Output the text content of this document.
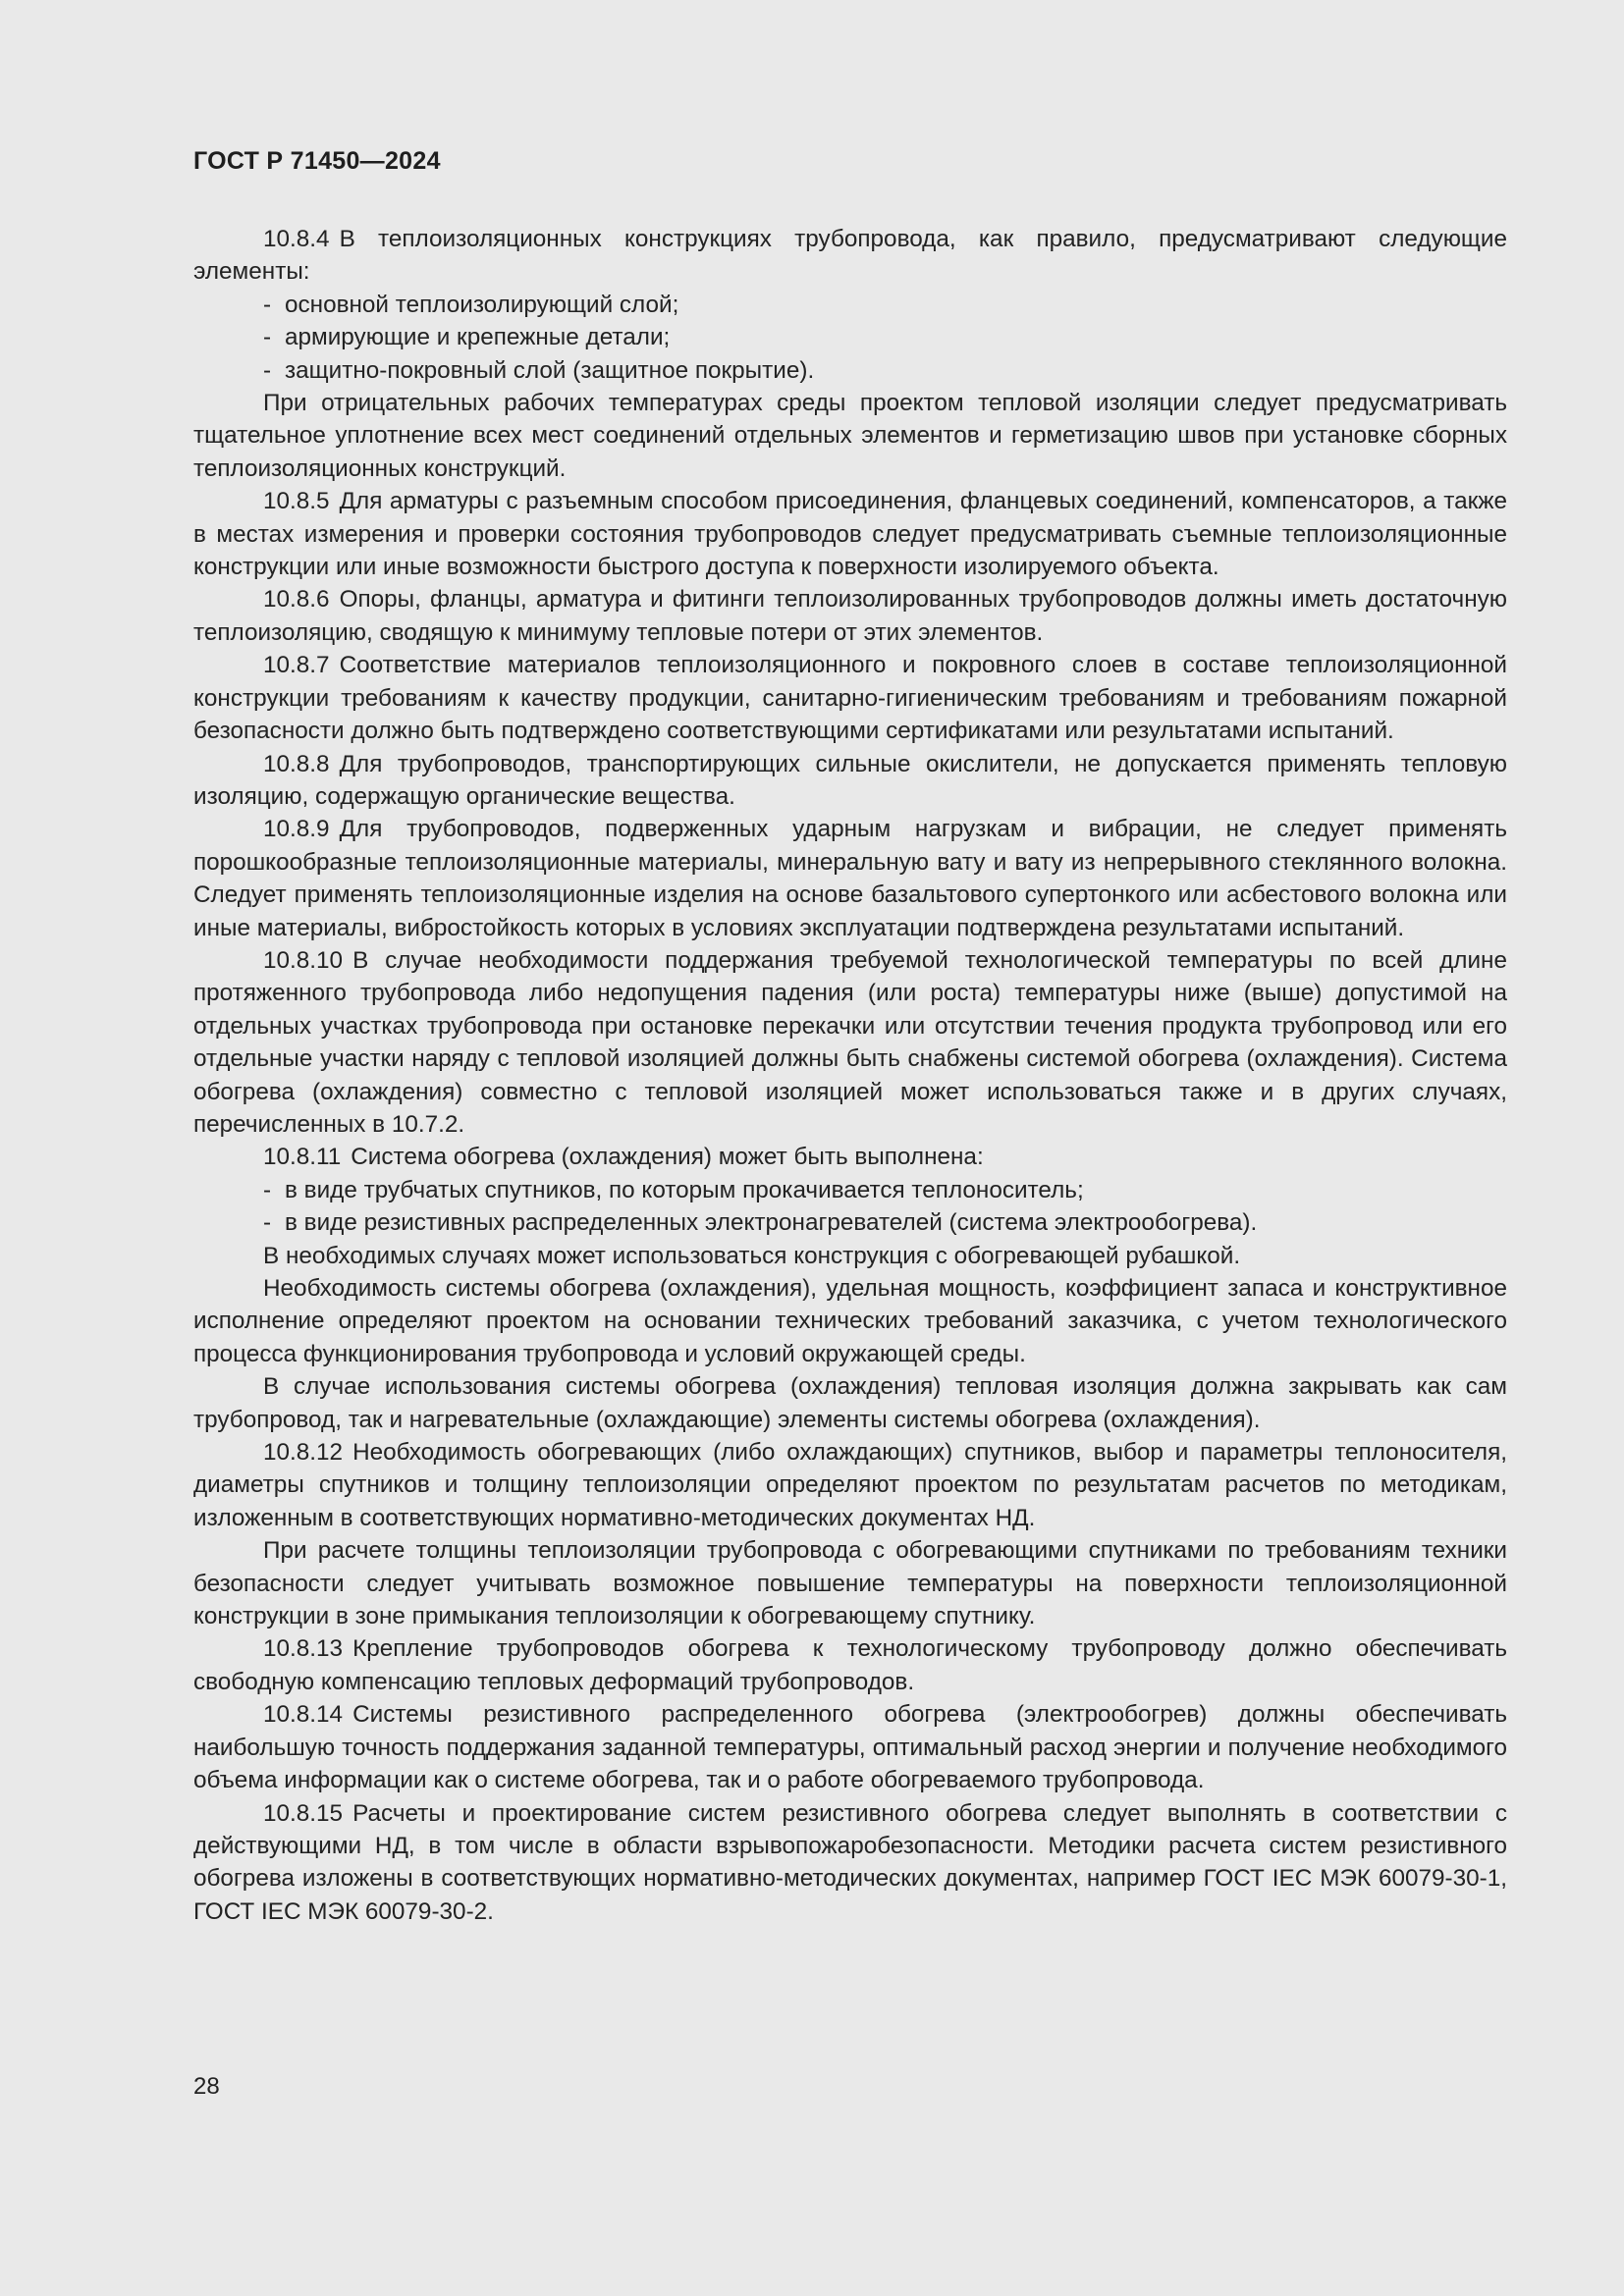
ГОСТ Р 71450—2024

10.8.4 В теплоизоляционных конструкциях трубопровода, как правило, предусматривают следующие элементы:

- основной теплоизолирующий слой;
- армирующие и крепежные детали;
- защитно-покровный слой (защитное покрытие).

При отрицательных рабочих температурах среды проектом тепловой изоляции следует предусматривать тщательное уплотнение всех мест соединений отдельных элементов и герметизацию швов при установке сборных теплоизоляционных конструкций.

10.8.5 Для арматуры с разъемным способом присоединения, фланцевых соединений, компенсаторов, а также в местах измерения и проверки состояния трубопроводов следует предусматривать съемные теплоизоляционные конструкции или иные возможности быстрого доступа к поверхности изолируемого объекта.

10.8.6 Опоры, фланцы, арматура и фитинги теплоизолированных трубопроводов должны иметь достаточную теплоизоляцию, сводящую к минимуму тепловые потери от этих элементов.

10.8.7 Соответствие материалов теплоизоляционного и покровного слоев в составе теплоизоляционной конструкции требованиям к качеству продукции, санитарно-гигиеническим требованиям и требованиям пожарной безопасности должно быть подтверждено соответствующими сертификатами или результатами испытаний.

10.8.8 Для трубопроводов, транспортирующих сильные окислители, не допускается применять тепловую изоляцию, содержащую органические вещества.

10.8.9 Для трубопроводов, подверженных ударным нагрузкам и вибрации, не следует применять порошкообразные теплоизоляционные материалы, минеральную вату и вату из непрерывного стеклянного волокна. Следует применять теплоизоляционные изделия на основе базальтового супертонкого или асбестового волокна или иные материалы, вибростойкость которых в условиях эксплуатации подтверждена результатами испытаний.

10.8.10 В случае необходимости поддержания требуемой технологической температуры по всей длине протяженного трубопровода либо недопущения падения (или роста) температуры ниже (выше) допустимой на отдельных участках трубопровода при остановке перекачки или отсутствии течения продукта трубопровод или его отдельные участки наряду с тепловой изоляцией должны быть снабжены системой обогрева (охлаждения). Система обогрева (охлаждения) совместно с тепловой изоляцией может использоваться также и в других случаях, перечисленных в 10.7.2.

10.8.11 Система обогрева (охлаждения) может быть выполнена:

- в виде трубчатых спутников, по которым прокачивается теплоноситель;
- в виде резистивных распределенных электронагревателей (система электрообогрева).

В необходимых случаях может использоваться конструкция с обогревающей рубашкой.

Необходимость системы обогрева (охлаждения), удельная мощность, коэффициент запаса и конструктивное исполнение определяют проектом на основании технических требований заказчика, с учетом технологического процесса функционирования трубопровода и условий окружающей среды.

В случае использования системы обогрева (охлаждения) тепловая изоляция должна закрывать как сам трубопровод, так и нагревательные (охлаждающие) элементы системы обогрева (охлаждения).

10.8.12 Необходимость обогревающих (либо охлаждающих) спутников, выбор и параметры теплоносителя, диаметры спутников и толщину теплоизоляции определяют проектом по результатам расчетов по методикам, изложенным в соответствующих нормативно-методических документах НД.

При расчете толщины теплоизоляции трубопровода с обогревающими спутниками по требованиям техники безопасности следует учитывать возможное повышение температуры на поверхности теплоизоляционной конструкции в зоне примыкания теплоизоляции к обогревающему спутнику.

10.8.13 Крепление трубопроводов обогрева к технологическому трубопроводу должно обеспечивать свободную компенсацию тепловых деформаций трубопроводов.

10.8.14 Системы резистивного распределенного обогрева (электрообогрев) должны обеспечивать наибольшую точность поддержания заданной температуры, оптимальный расход энергии и получение необходимого объема информации как о системе обогрева, так и о работе обогреваемого трубопровода.

10.8.15 Расчеты и проектирование систем резистивного обогрева следует выполнять в соответствии с действующими НД, в том числе в области взрывопожаробезопасности. Методики расчета систем резистивного обогрева изложены в соответствующих нормативно-методических документах, например ГОСТ IEC МЭК 60079-30-1, ГОСТ IEC МЭК 60079-30-2.

28
